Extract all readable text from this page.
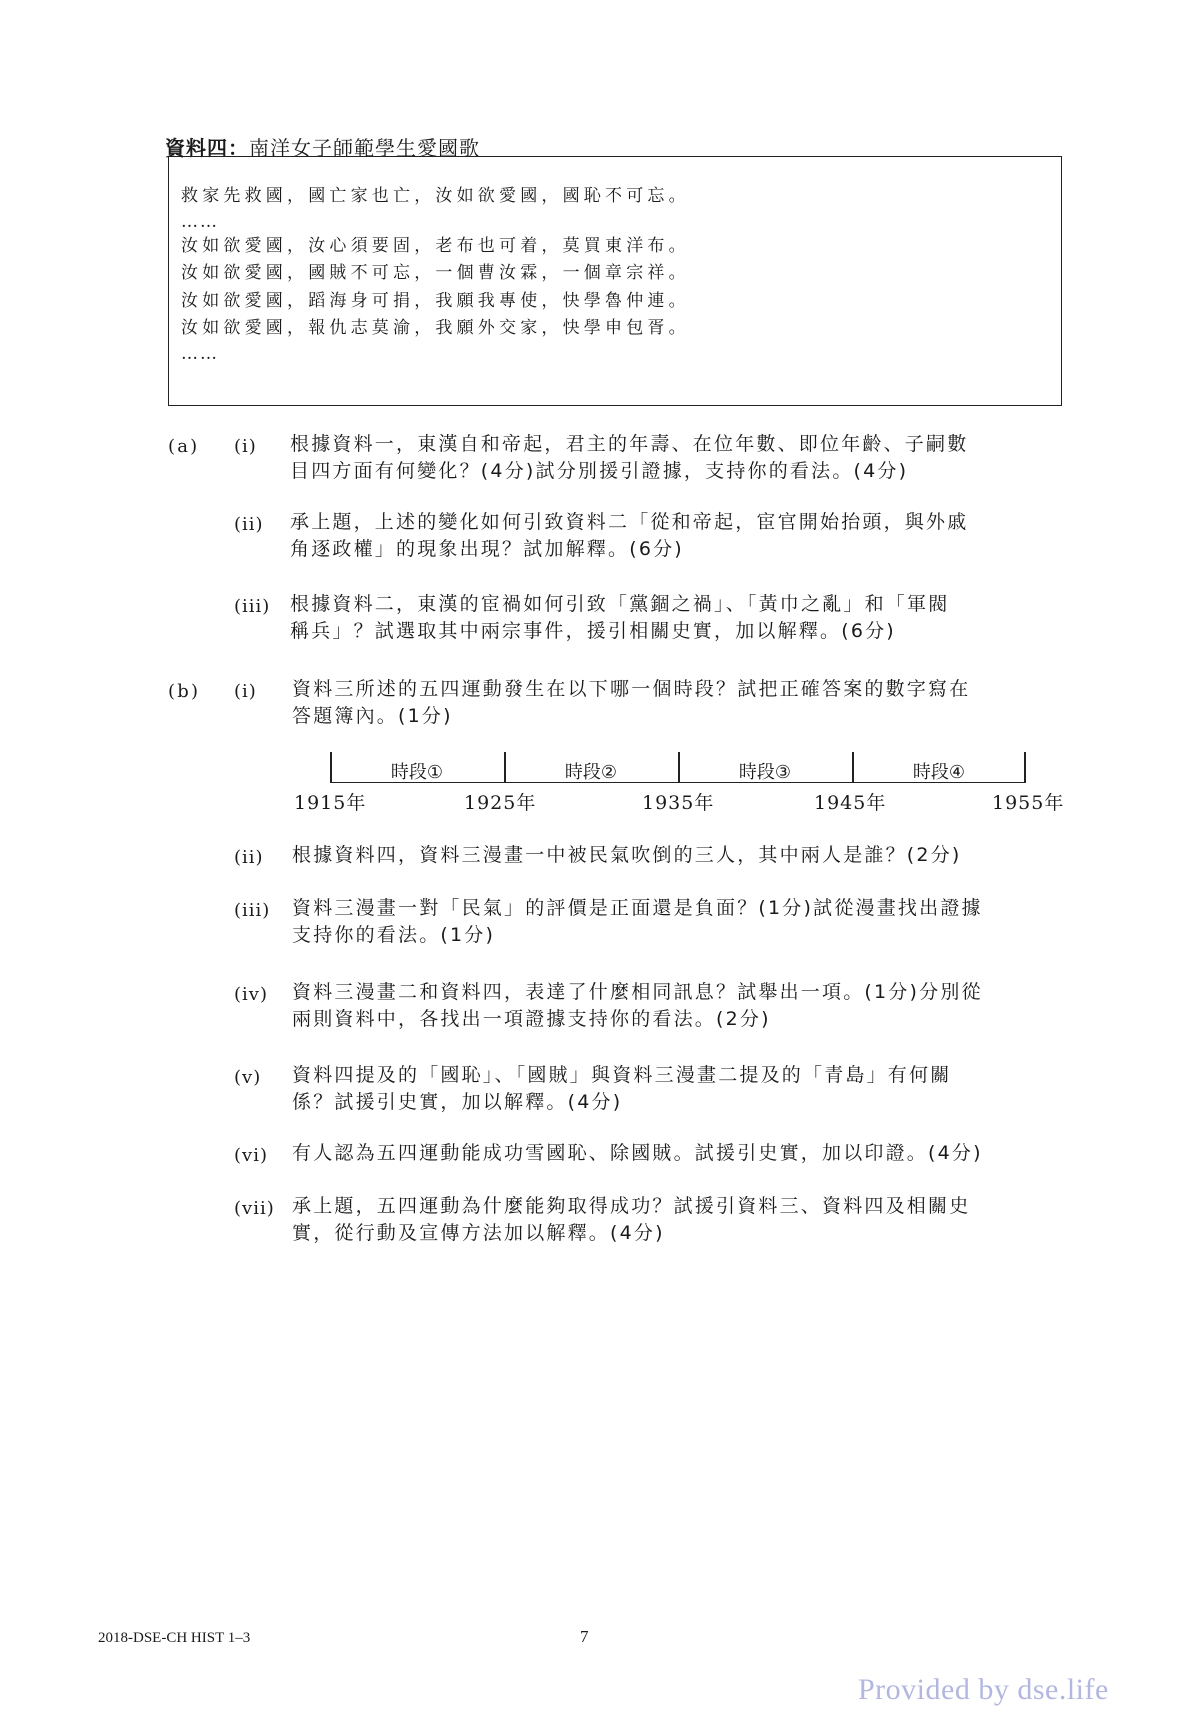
資料四：南洋女子師範學生愛國歌
救家先救國，國亡家也亡，汝如欲愛國，國恥不可忘。
……
汝如欲愛國，汝心須要固，老布也可着，莫買東洋布。
汝如欲愛國，國賊不可忘，一個曹汝霖，一個章宗祥。
汝如欲愛國，蹈海身可捐，我願我專使，快學魯仲連。
汝如欲愛國，報仇志莫渝，我願外交家，快學申包胥。
……
(a) (i) 根據資料一，東漢自和帝起，君主的年壽、在位年數、即位年齡、子嗣數
目四方面有何變化？(4分)試分別援引證據，支持你的看法。(4分)
(ii) 承上題，上述的變化如何引致資料二「從和帝起，宦官開始抬頭，與外戚
角逐政權」的現象出現？試加解釋。(6分)
(iii) 根據資料二，東漢的宦禍如何引致「黨錮之禍」、「黃巾之亂」和「軍閥
稱兵」？試選取其中兩宗事件，援引相關史實，加以解釋。(6分)
(b) (i) 資料三所述的五四運動發生在以下哪一個時段？試把正確答案的數字寫在
答題簿內。(1分)
時段①	時段②	時段③	時段④
1915年	1925年	1935年	1945年	1955年
(ii) 根據資料四，資料三漫畫一中被民氣吹倒的三人，其中兩人是誰？(2分)
(iii) 資料三漫畫一對「民氣」的評價是正面還是負面？(1分)試從漫畫找出證據
支持你的看法。(1分)
(iv) 資料三漫畫二和資料四，表達了什麼相同訊息？試舉出一項。(1分)分別從
兩則資料中，各找出一項證據支持你的看法。(2分)
(v) 資料四提及的「國恥」、「國賊」與資料三漫畫二提及的「青島」有何關
係？試援引史實，加以解釋。(4分)
(vi) 有人認為五四運動能成功雪國恥、除國賊。試援引史實，加以印證。(4分)
(vii) 承上題，五四運動為什麼能夠取得成功？試援引資料三、資料四及相關史
實，從行動及宣傳方法加以解釋。(4分)
2018-DSE-CH HIST 1–3	7
Provided by dse.life
